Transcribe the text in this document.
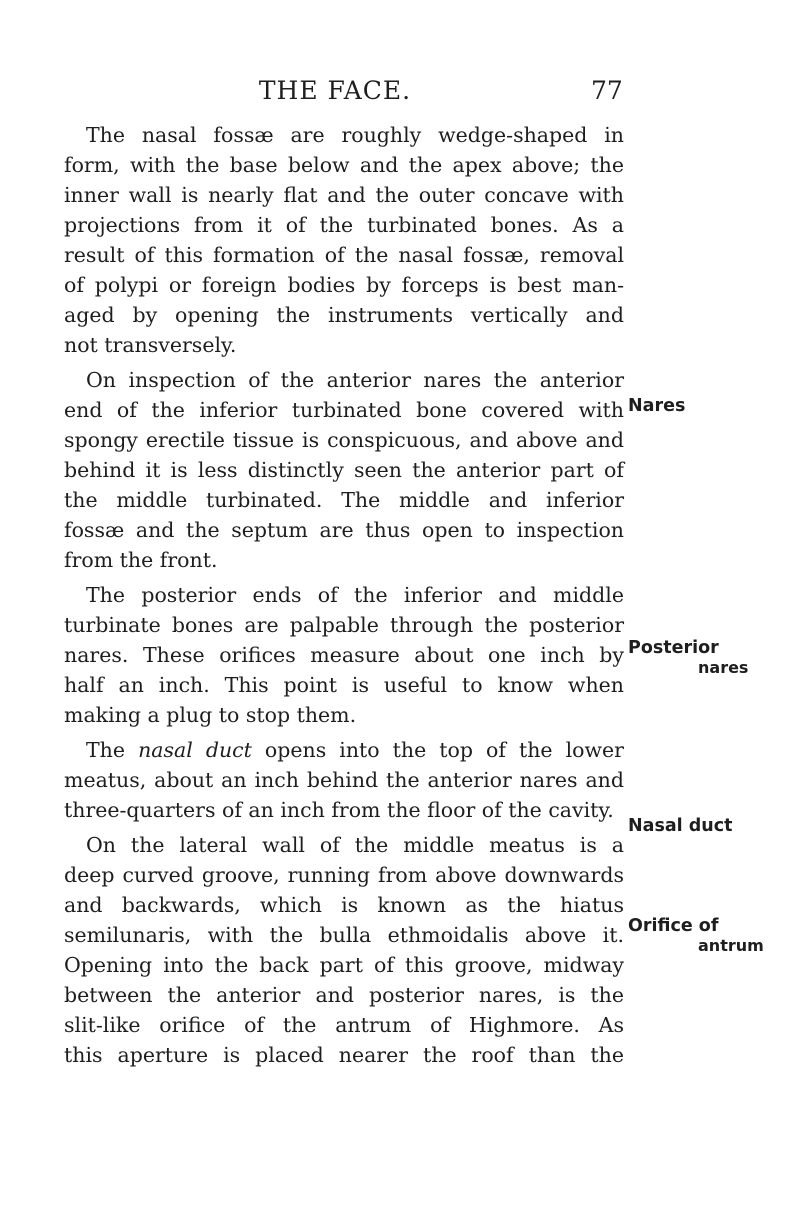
THE FACE.	77
The nasal fossæ are roughly wedge-shaped in
form, with the base below and the apex above; the
inner wall is nearly flat and the outer concave with
projections from it of the turbinated bones. As a
result of this formation of the nasal fossæ, removal
of polypi or foreign bodies by forceps is best man-
aged by opening the instruments vertically and
not transversely.
On inspection of the anterior nares the anterior
end of the inferior turbinated bone covered with
spongy erectile tissue is conspicuous, and above and
behind it is less distinctly seen the anterior part of
the middle turbinated. The middle and inferior
fossæ and the septum are thus open to inspection
from the front.
The posterior ends of the inferior and middle
turbinate bones are palpable through the posterior
nares. These orifices measure about one inch by
half an inch. This point is useful to know when
making a plug to stop them.
The nasal duct opens into the top of the lower
meatus, about an inch behind the anterior nares and
three-quarters of an inch from the floor of the cavity.
On the lateral wall of the middle meatus is a
deep curved groove, running from above downwards
and backwards, which is known as the hiatus
semilunaris, with the bulla ethmoidalis above it.
Opening into the back part of this groove, midway
between the anterior and posterior nares, is the
slit-like orifice of the antrum of Highmore. As
this aperture is placed nearer the roof than the
Nares
Posterior
nares
Nasal duct
Orifice of
antrum
